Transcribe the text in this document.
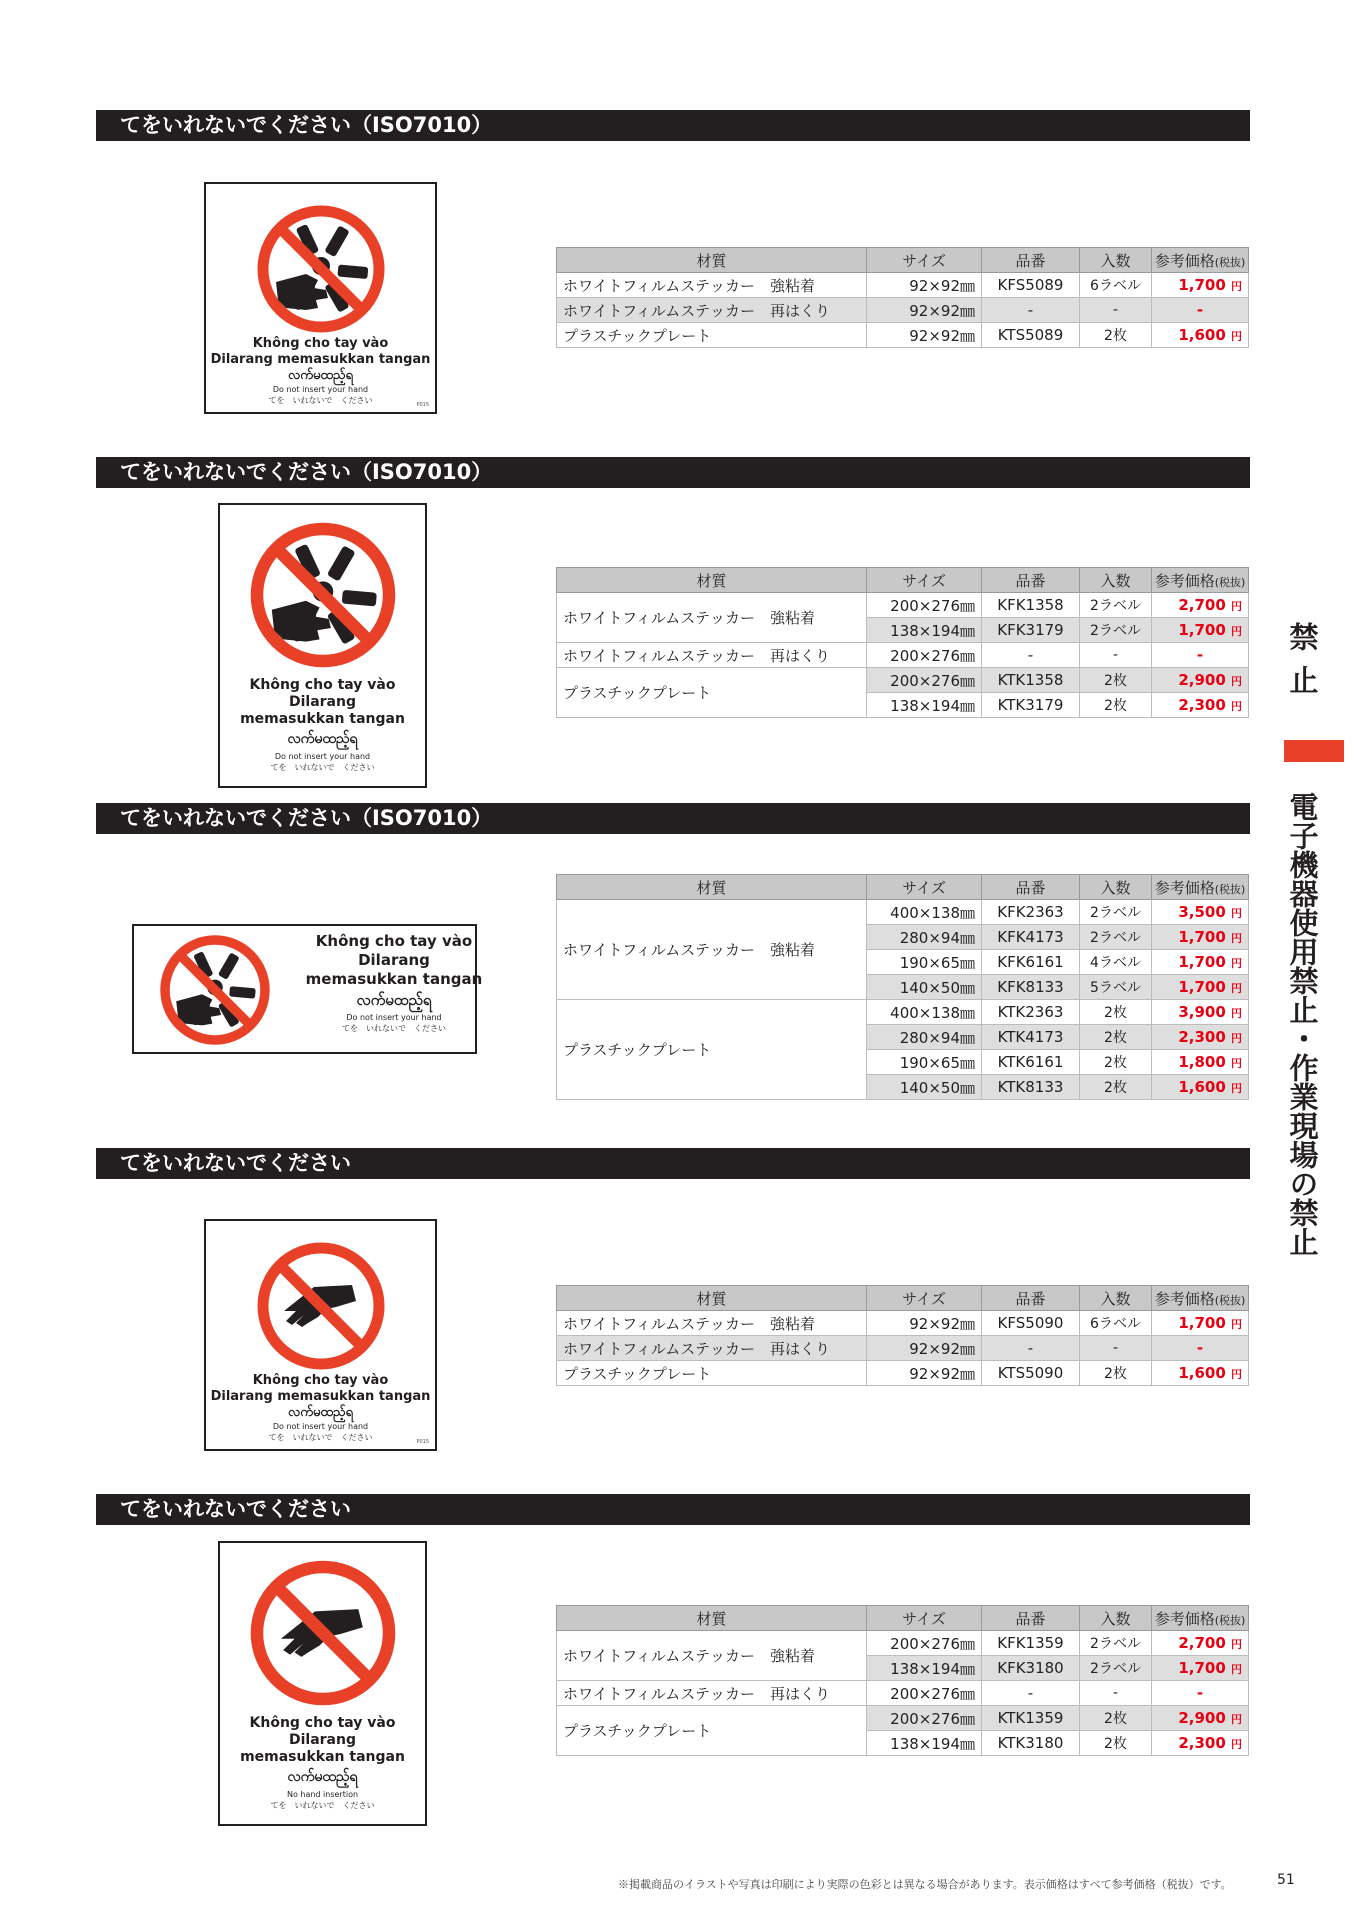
てをいれないでください（ISO7010）
Không cho tay vào
Dilarang memasukkan tangan
လက်မထည့်ရ
Do not insert your hand
てを　いれないで　ください	P015
材質	サイズ	品番	入数	参考価格(税抜)
ホワイトフィルムステッカー　強粘着	92×92㎜	KFS5089	6ラベル	1,700 円
ホワイトフィルムステッカー　再はくり	92×92㎜	-	-	-
プラスチックプレート	92×92㎜	KTS5089	2枚	1,600 円
てをいれないでください（ISO7010）
Không cho tay vào
Dilarang
memasukkan tangan
လက်မထည့်ရ
Do not insert your hand
てを　いれないで　ください
材質	サイズ	品番	入数	参考価格(税抜)
ホワイトフィルムステッカー　強粘着	200×276㎜	KFK1358	2ラベル	2,700 円
	138×194㎜	KFK3179	2ラベル	1,700 円
ホワイトフィルムステッカー　再はくり	200×276㎜	-	-	-
プラスチックプレート	200×276㎜	KTK1358	2枚	2,900 円
	138×194㎜	KTK3179	2枚	2,300 円
てをいれないでください（ISO7010）
Không cho tay vào
Dilarang
memasukkan tangan
လက်မထည့်ရ
Do not insert your hand
てを　いれないで　ください
材質	サイズ	品番	入数	参考価格(税抜)
ホワイトフィルムステッカー　強粘着	400×138㎜	KFK2363	2ラベル	3,500 円
	280×94㎜	KFK4173	2ラベル	1,700 円
	190×65㎜	KFK6161	4ラベル	1,700 円
	140×50㎜	KFK8133	5ラベル	1,700 円
プラスチックプレート	400×138㎜	KTK2363	2枚	3,900 円
	280×94㎜	KTK4173	2枚	2,300 円
	190×65㎜	KTK6161	2枚	1,800 円
	140×50㎜	KTK8133	2枚	1,600 円
てをいれないでください
Không cho tay vào
Dilarang memasukkan tangan
လက်မထည့်ရ
Do not insert your hand
てを　いれないで　ください	P015
材質	サイズ	品番	入数	参考価格(税抜)
ホワイトフィルムステッカー　強粘着	92×92㎜	KFS5090	6ラベル	1,700 円
ホワイトフィルムステッカー　再はくり	92×92㎜	-	-	-
プラスチックプレート	92×92㎜	KTS5090	2枚	1,600 円
てをいれないでください
Không cho tay vào
Dilarang
memasukkan tangan
လက်မထည့်ရ
No hand insertion
てを　いれないで　ください
材質	サイズ	品番	入数	参考価格(税抜)
ホワイトフィルムステッカー　強粘着	200×276㎜	KFK1359	2ラベル	2,700 円
	138×194㎜	KFK3180	2ラベル	1,700 円
ホワイトフィルムステッカー　再はくり	200×276㎜	-	-	-
プラスチックプレート	200×276㎜	KTK1359	2枚	2,900 円
	138×194㎜	KTK3180	2枚	2,300 円
禁止
電子機器使用禁止・作業現場の禁止
※掲載商品のイラストや写真は印刷により実際の色彩とは異なる場合があります。表示価格はすべて参考価格（税抜）です。	51
